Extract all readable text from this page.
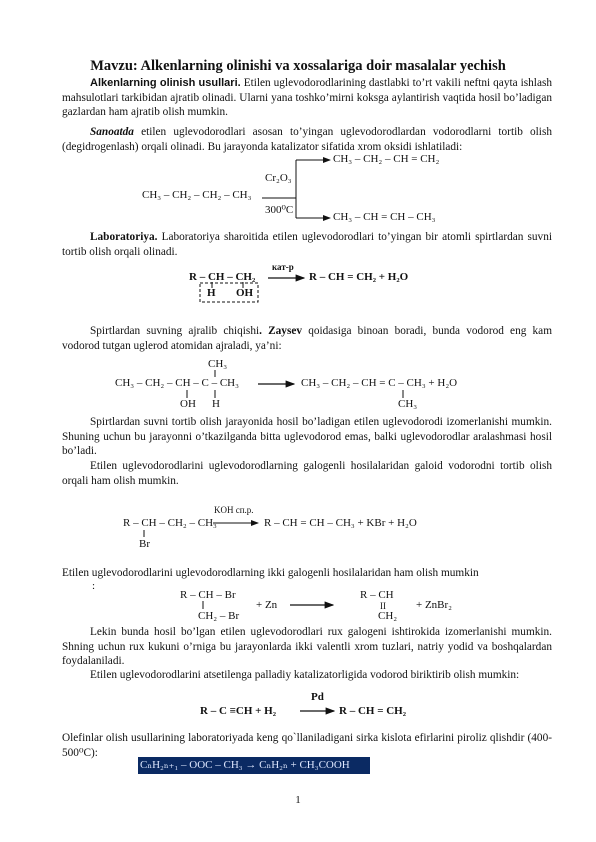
Mavzu: Alkenlarning olinishi va xossalariga doir masalalar yechish

Alkenlarning olinish usullari. Etilen uglevodorodlarining dastlabki to’rt vakili neftni qayta ishlash mahsulotlari tarkibidan ajratib olinadi. Ularni yana toshko’mirni koksga aylantirish vaqtida hosil bo’ladigan gazlardan ham ajratib olish mumkin.

Sanoatda etilen uglevodorodlari asosan to’yingan uglevodorodlardan vodorodlarni tortib olish (degidrogenlash) orqali olinadi. Bu jarayonda katalizator sifatida xrom oksidi ishlatiladi:

CH₃ – CH₂ – CH₂ – CH₃
Cr₂O₃
300⁰C
CH₃ – CH₂ – CH = CH₂
CH₃ – CH = CH – CH₃

Laboratoriya. Laboratoriya sharoitida etilen uglevodorodlari to’yingan bir atomli spirtlardan suvni tortib olish orqali olinadi.

R – CH – CH₂
H OH
кат-р
R – CH = CH₂ + H₂O

Spirtlardan suvning ajralib chiqishi. Zaysev qoidasiga binoan boradi, bunda vodorod eng kam vodorod tutgan uglerod atomidan ajraladi, ya’ni:

CH₃
CH₃ – CH₂ – CH – C – CH₃
OH H
CH₃ – CH₂ – CH = C – CH₃ + H₂O
CH₃

Spirtlardan suvni tortib olish jarayonida hosil bo’ladigan etilen uglevodorodi izomerlanishi mumkin. Shuning uchun bu jarayonni o’tkazilganda bitta uglevodorod emas, balki uglevodorodlar aralashmasi hosil bo’ladi.

Etilen uglevodorodlarini uglevodorodlarning galogenli hosilalaridan galoid vodorodni tortib olish orqali ham olish mumkin.

R – CH – CH₂ – CH₃
Br
KOH сп.р.
R – CH = CH – CH₃ + KBr + H₂O

Etilen uglevodorodlarini uglevodorodlarning ikki galogenli hosilalaridan ham olish mumkin

:
R – CH – Br
CH₂ – Br
+ Zn
R – CH
II
CH₂
+ ZnBr₂

Lekin bunda hosil bo’lgan etilen uglevodorodlari rux galogeni ishtirokida izomerlanishi mumkin. Shning uchun rux kukuni o’rniga bu jarayonlarda ikki valentli xrom tuzlari, natriy yodid va boshqalardan foydalaniladi.

Etilen uglevodorodlarini atsetilenga palladiy katalizatorligida vodorod biriktirib olish mumkin:

R – C ≡CH + H₂
Pd
R – CH = CH₂

Olefinlar olish usullarining laboratoriyada keng qo`llaniladigani sirka kislota efirlarini piroliz qlishdir (400-500⁰C):

CₙH₂ₙ₊₁ – OOC – CH₃ → CₙH₂ₙ + CH₃COOH
1
